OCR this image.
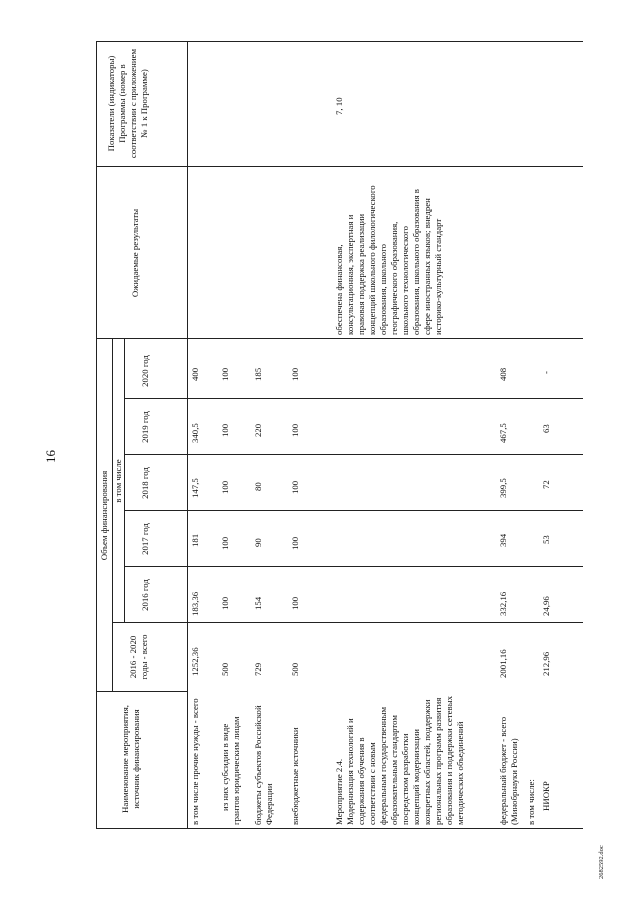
16
Наименование мероприятия, источник финансирования
Объем финансирования
2016 - 2020 годы - всего
в том числе
2016 год
2017 год
2018 год
2019 год
2020 год
Ожидаемые результаты
Показатели (индикаторы) Программы (номер в соответствии с приложением № 1 к Программе)
в том числе прочие нужды - всего
1252,36
183,36
181
147,5
340,5
400
из них субсидии в виде грантов юридическим лицам
500
100
100
100
100
100
бюджеты субъектов Российской Федерации
729
154
90
80
220
185
внебюджетные источники
500
100
100
100
100
100
Мероприятие 2.4. Модернизация технологий и содержания обучения в соответствии с новым федеральным государственным образовательным стандартом посредством разработки концепций модернизации конкретных областей, поддержки региональных программ развития образования и поддержки сетевых методических объединений
обеспечена финансовая, консультационная, экспертная и правовая поддержка реализации концепций школьного филологического образования, школьного географического образования, школьного технологического образования, школьного образования в сфере иностранных языков; внедрен историко-культурный стандарт
7, 10
федеральный бюджет - всего (Минобрнауки России)
2001,16
332,16
394
399,5
467,5
408
в том числе: НИОКР
212,96
24,96
53
72
63
-
2682592.doc
